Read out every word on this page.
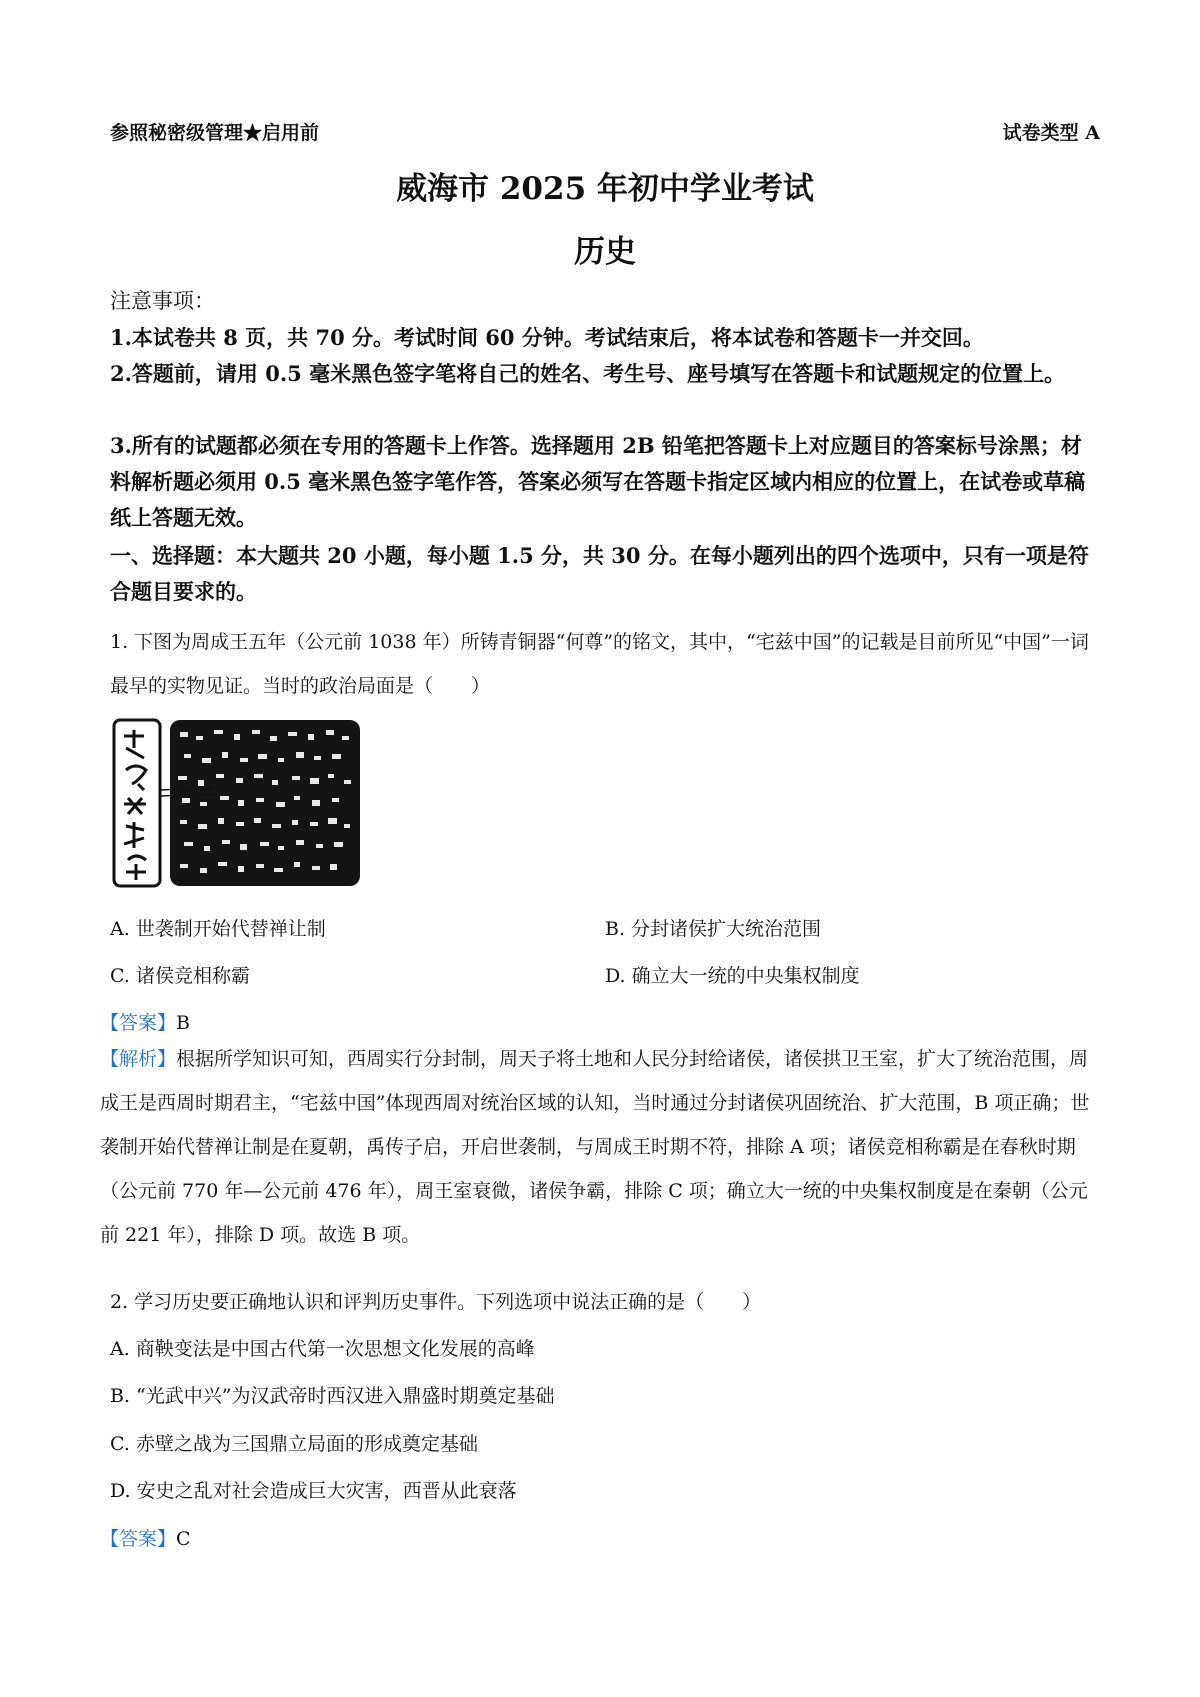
参照秘密级管理★启用前	试卷类型 A
威海市 2025 年初中学业考试
历史
注意事项：
1.本试卷共 8 页，共 70 分。考试时间 60 分钟。考试结束后，将本试卷和答题卡一并交回。
2.答题前，请用 0.5 毫米黑色签字笔将自己的姓名、考生号、座号填写在答题卡和试题规定的位置上。
3.所有的试题都必须在专用的答题卡上作答。选择题用 2B 铅笔把答题卡上对应题目的答案标号涂黑；材料解析题必须用 0.5 毫米黑色签字笔作答，答案必须写在答题卡指定区域内相应的位置上，在试卷或草稿纸上答题无效。
一、选择题：本大题共 20 小题，每小题 1.5 分，共 30 分。在每小题列出的四个选项中，只有一项是符合题目要求的。
1. 下图为周成王五年（公元前 1038 年）所铸青铜器“何尊”的铭文，其中，“宅兹中国”的记载是目前所见“中国”一词最早的实物见证。当时的政治局面是（　　）
A. 世袭制开始代替禅让制	B. 分封诸侯扩大统治范围
C. 诸侯竞相称霸	D. 确立大一统的中央集权制度
【答案】B
【解析】根据所学知识可知，西周实行分封制，周天子将土地和人民分封给诸侯，诸侯拱卫王室，扩大了统治范围，周成王是西周时期君主，“宅兹中国”体现西周对统治区域的认知，当时通过分封诸侯巩固统治、扩大范围，B 项正确；世袭制开始代替禅让制是在夏朝，禹传子启，开启世袭制，与周成王时期不符，排除 A 项；诸侯竞相称霸是在春秋时期（公元前 770 年—公元前 476 年），周王室衰微，诸侯争霸，排除 C 项；确立大一统的中央集权制度是在秦朝（公元前 221 年），排除 D 项。故选 B 项。
2. 学习历史要正确地认识和评判历史事件。下列选项中说法正确的是（　　）
A. 商鞅变法是中国古代第一次思想文化发展的高峰
B. “光武中兴”为汉武帝时西汉进入鼎盛时期奠定基础
C. 赤壁之战为三国鼎立局面的形成奠定基础
D. 安史之乱对社会造成巨大灾害，西晋从此衰落
【答案】C
